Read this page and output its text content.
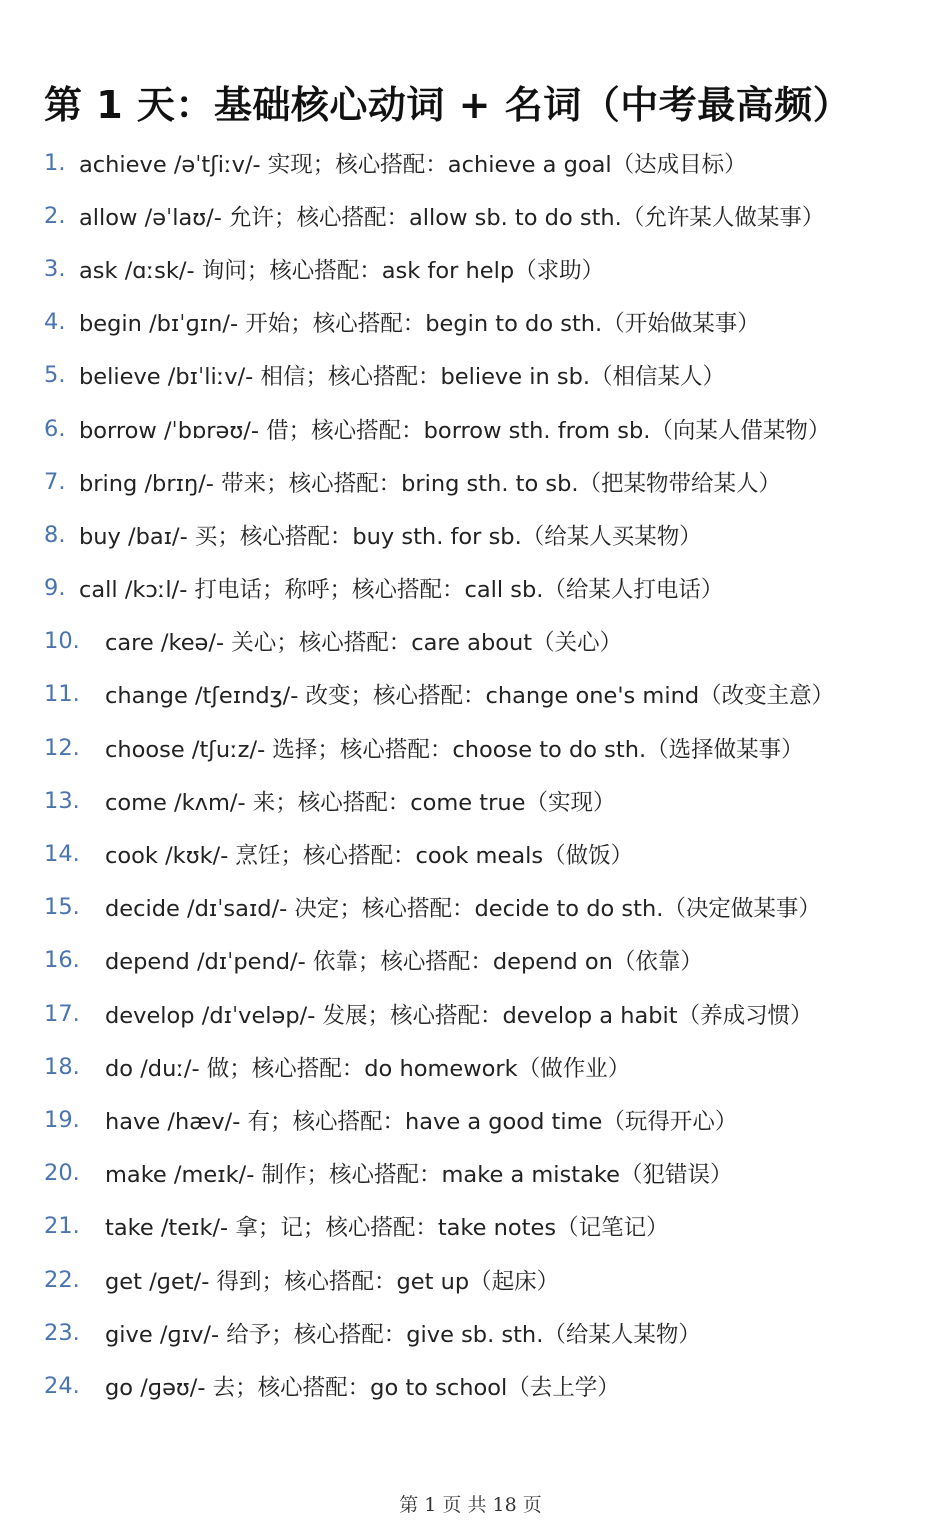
第 1 天：基础核心动词 + 名词（中考最高频）
1. achieve /əˈtʃiːv/- 实现；核心搭配：achieve a goal（达成目标）
2. allow /əˈlaʊ/- 允许；核心搭配：allow sb. to do sth.（允许某人做某事）
3. ask /ɑːsk/- 询问；核心搭配：ask for help（求助）
4. begin /bɪˈɡɪn/- 开始；核心搭配：begin to do sth.（开始做某事）
5. believe /bɪˈliːv/- 相信；核心搭配：believe in sb.（相信某人）
6. borrow /ˈbɒrəʊ/- 借；核心搭配：borrow sth. from sb.（向某人借某物）
7. bring /brɪŋ/- 带来；核心搭配：bring sth. to sb.（把某物带给某人）
8. buy /baɪ/- 买；核心搭配：buy sth. for sb.（给某人买某物）
9. call /kɔːl/- 打电话；称呼；核心搭配：call sb.（给某人打电话）
10.	care /keə/- 关心；核心搭配：care about（关心）
11.	change /tʃeɪndʒ/- 改变；核心搭配：change one's mind（改变主意）
12.	choose /tʃuːz/- 选择；核心搭配：choose to do sth.（选择做某事）
13.	come /kʌm/- 来；核心搭配：come true（实现）
14.	cook /kʊk/- 烹饪；核心搭配：cook meals（做饭）
15.	decide /dɪˈsaɪd/- 决定；核心搭配：decide to do sth.（决定做某事）
16.	depend /dɪˈpend/- 依靠；核心搭配：depend on（依靠）
17.	develop /dɪˈveləp/- 发展；核心搭配：develop a habit（养成习惯）
18.	do /duː/- 做；核心搭配：do homework（做作业）
19.	have /hæv/- 有；核心搭配：have a good time（玩得开心）
20.	make /meɪk/- 制作；核心搭配：make a mistake（犯错误）
21.	take /teɪk/- 拿；记；核心搭配：take notes（记笔记）
22.	get /ɡet/- 得到；核心搭配：get up（起床）
23.	give /ɡɪv/- 给予；核心搭配：give sb. sth.（给某人某物）
24.	go /ɡəʊ/- 去；核心搭配：go to school（去上学）
第 1 页 共 18 页
